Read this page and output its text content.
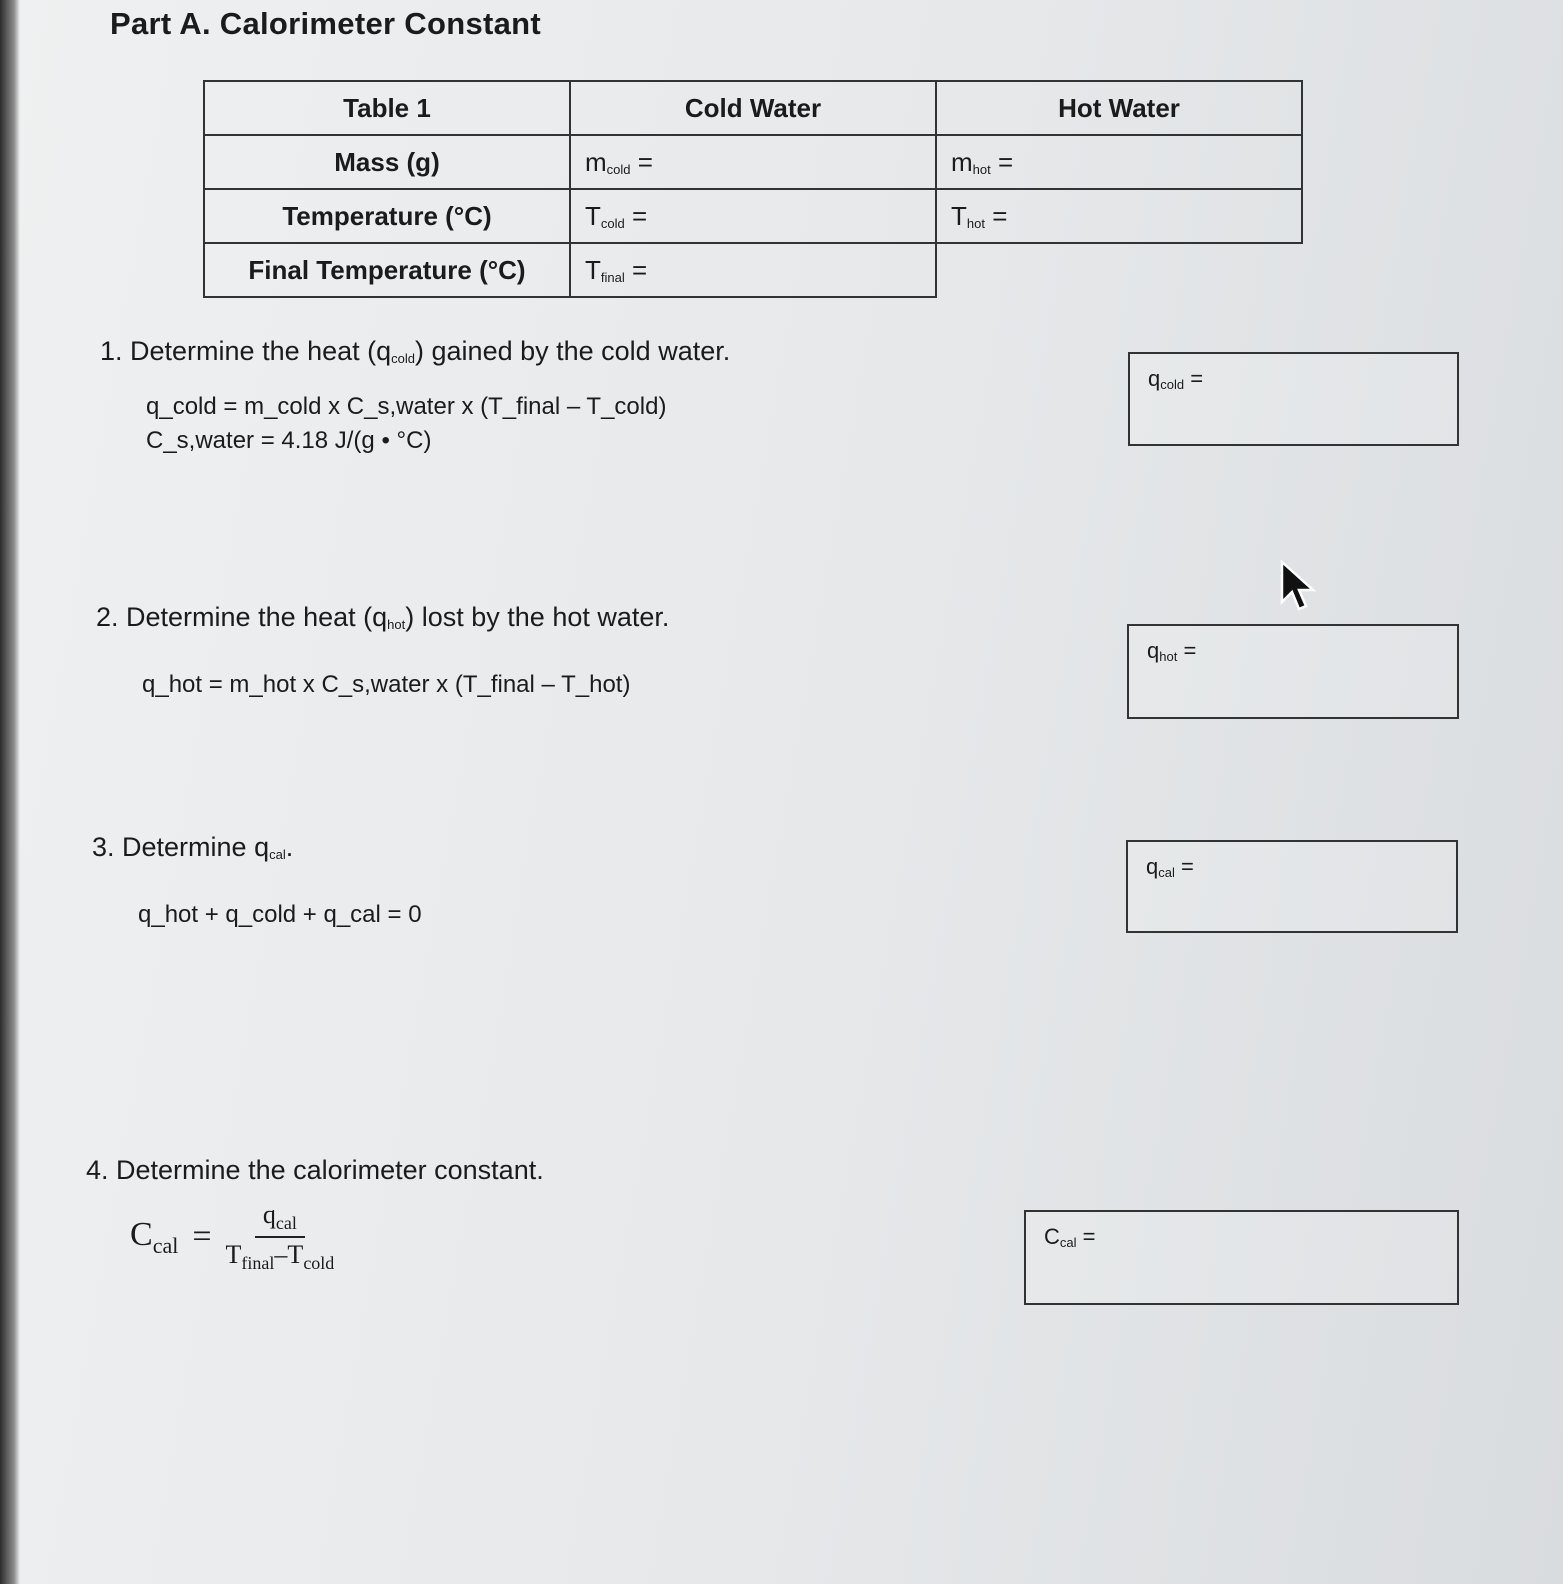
Part A. Calorimeter Constant
Table 1	Cold Water	Hot Water
Mass (g)	$m_{cold}$ =	$m_{hot}$ =
Temperature (°C)	$T_{cold}$ =	$T_{hot}$ =
Final Temperature (°C)	$T_{final}$ =	
1. Determine the heat $(q_{cold})$ gained by the cold water.
q_cold = m_cold x C_s,water x (T_final – T_cold)
C_s,water = 4.18 J/(g • °C)
$q_{cold}$ =
2. Determine the heat $(q_{hot})$ lost by the hot water.
q_hot = m_hot x C_s,water x (T_final – T_hot)
$q_{hot}$ =
3. Determine $q_{cal}$.
q_hot + q_cold + q_cal = 0
$q_{cal}$ =
4. Determine the calorimeter constant.
$C_{cal} = \frac{q_{cal}}{T_{final}-T_{cold}}$	$C_{cal}$ =
